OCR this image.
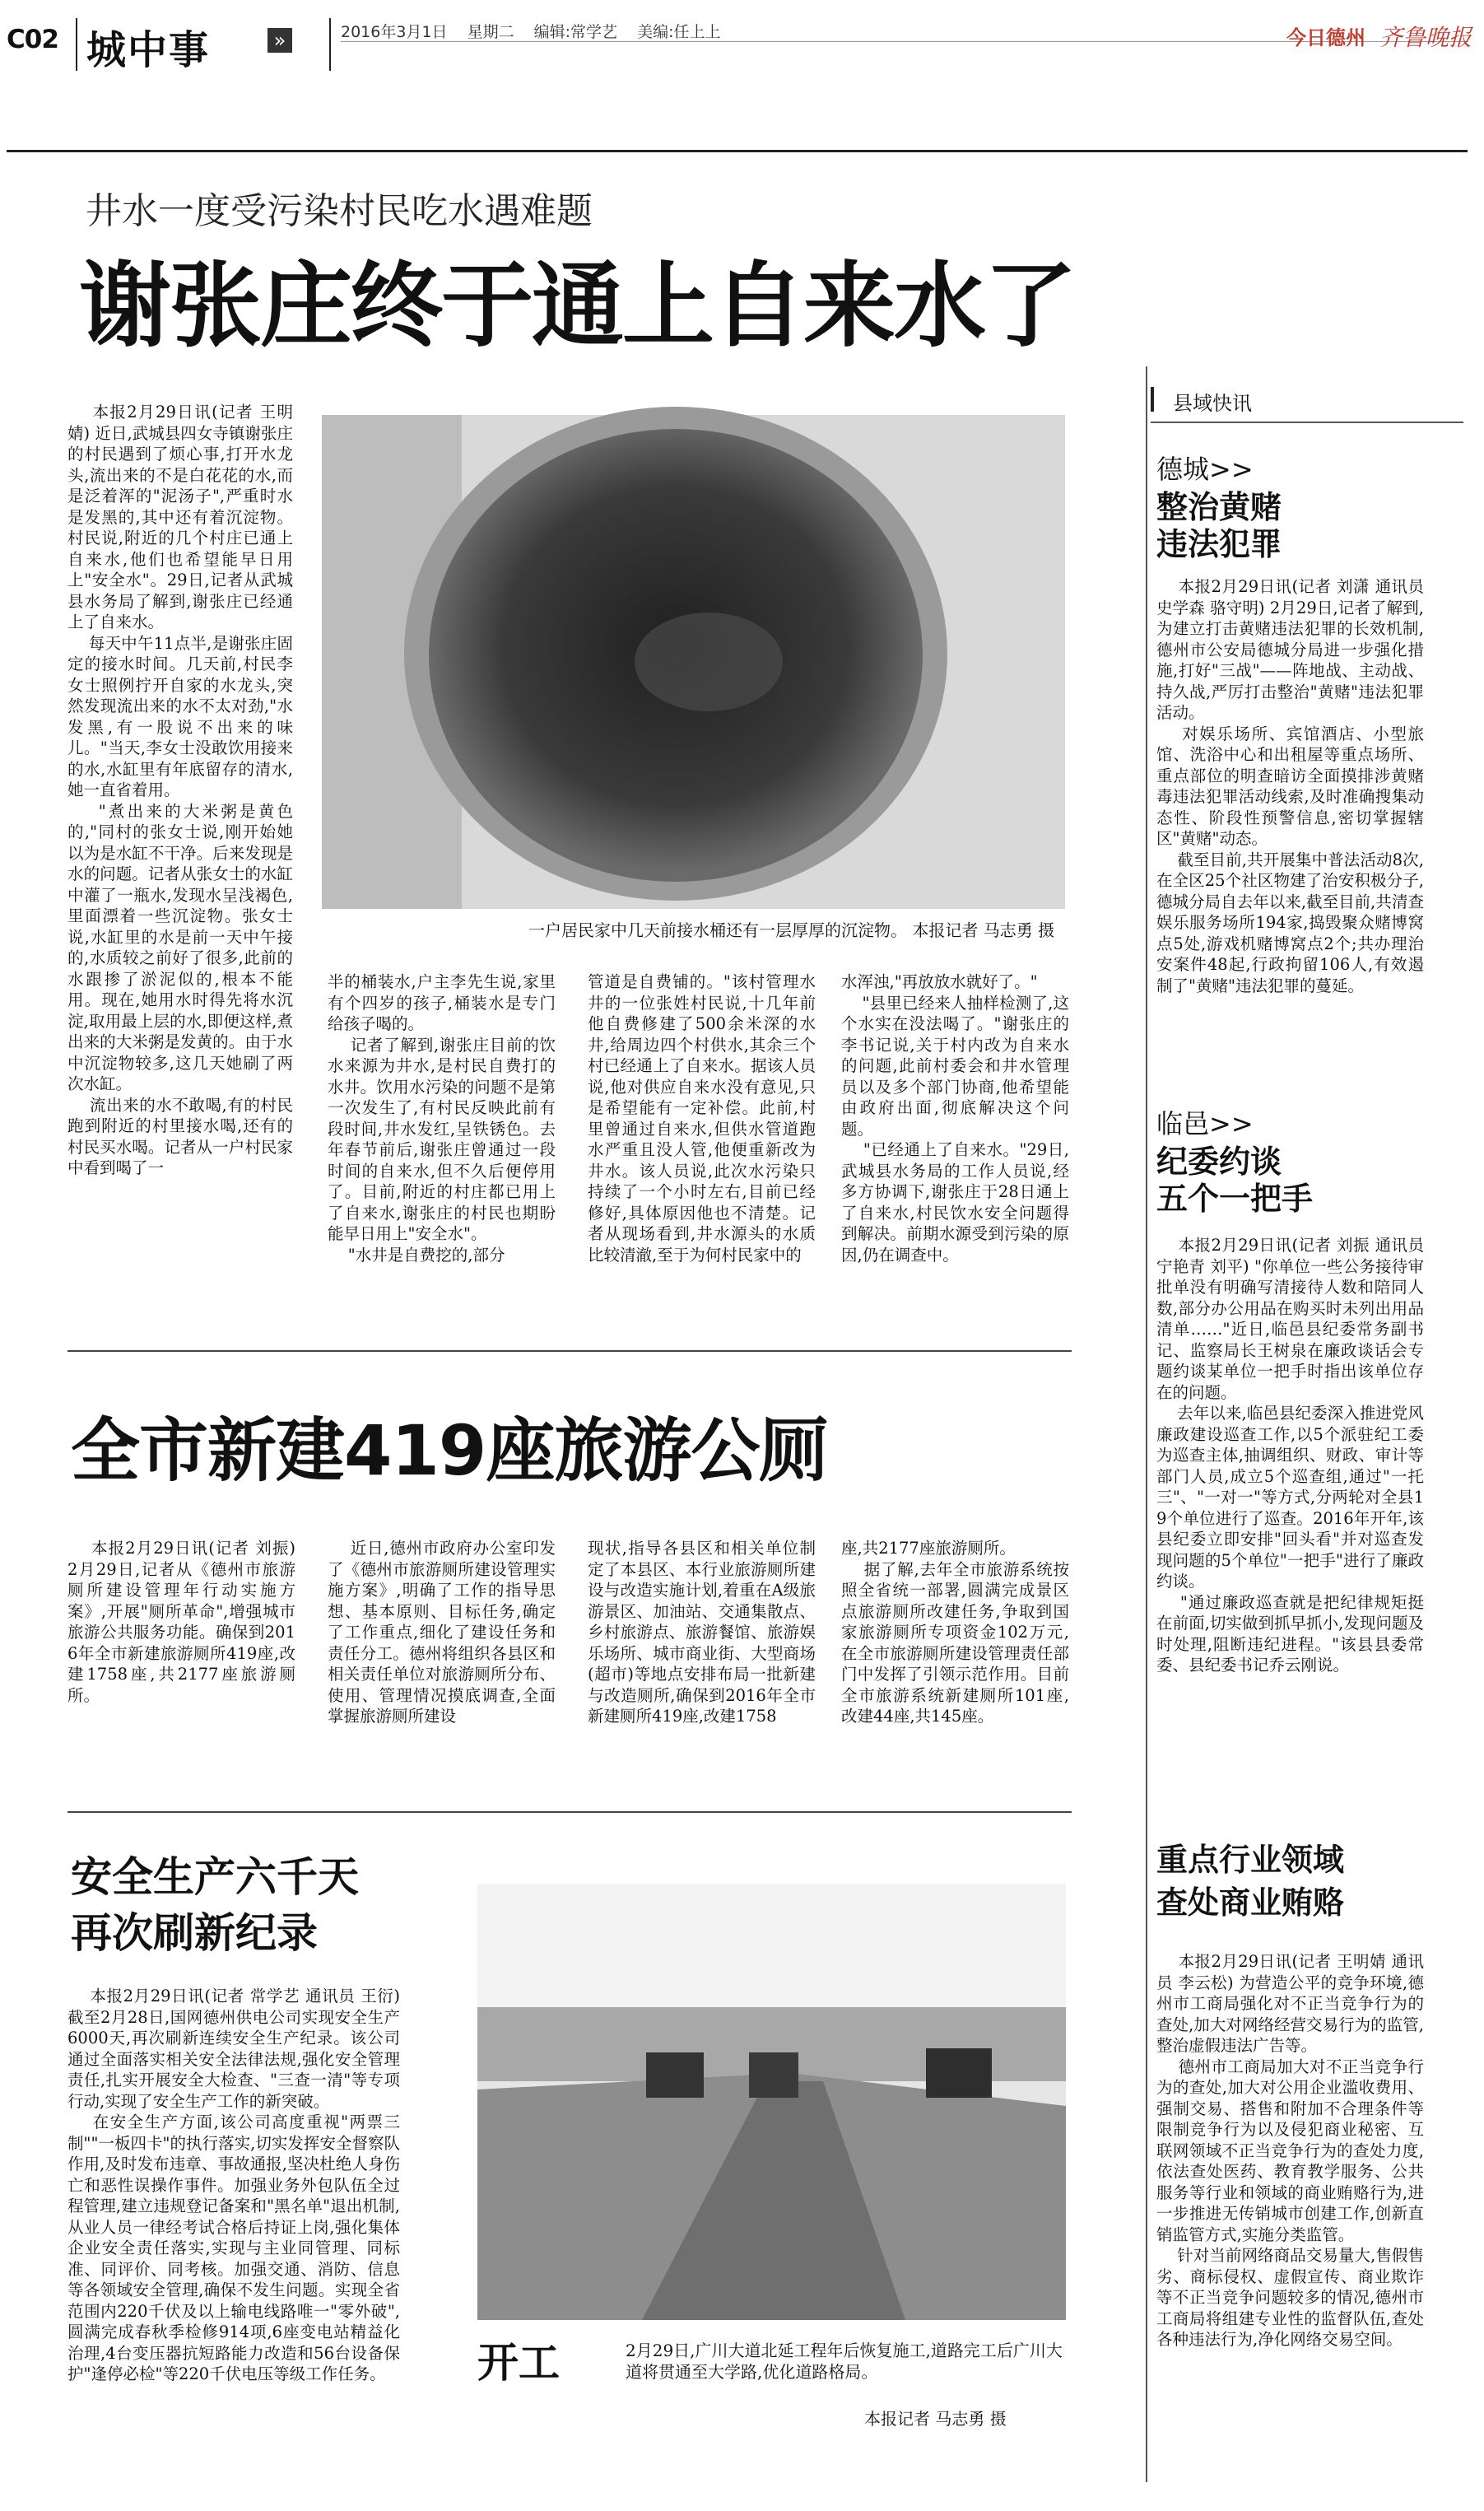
C02 城中事	»	2016年3月1日 星期二 编辑:常学艺 美编:任上上	今日德州 齐鲁晚报
井水一度受污染村民吃水遇难题
谢张庄终于通上自来水了
本报2月29日讯(记者 王明婧) 近日,武城县四女寺镇谢张庄的村民遇到了烦心事,打开水龙头,流出来的不是白花花的水,而是泛着浑的"泥汤子",严重时水是发黑的,其中还有着沉淀物。村民说,附近的几个村庄已通上自来水,他们也希望能早日用上"安全水"。29日,记者从武城县水务局了解到,谢张庄已经通上了自来水。
每天中午11点半,是谢张庄固定的接水时间。几天前,村民李女士照例拧开自家的水龙头,突然发现流出来的水不太对劲,"水发黑,有一股说不出来的味儿。"当天,李女士没敢饮用接来的水,水缸里有年底留存的清水,她一直省着用。
"煮出来的大米粥是黄色的,"同村的张女士说,刚开始她以为是水缸不干净。后来发现是水的问题。记者从张女士的水缸中灌了一瓶水,发现水呈浅褐色,里面漂着一些沉淀物。张女士说,水缸里的水是前一天中午接的,水质较之前好了很多,此前的水跟掺了淤泥似的,根本不能用。现在,她用水时得先将水沉淀,取用最上层的水,即便这样,煮出来的大米粥是发黄的。由于水中沉淀物较多,这几天她刷了两次水缸。
流出来的水不敢喝,有的村民跑到附近的村里接水喝,还有的村民买水喝。记者从一户村民家中看到喝了一
一户居民家中几天前接水桶还有一层厚厚的沉淀物。 本报记者 马志勇 摄
半的桶装水,户主李先生说,家里有个四岁的孩子,桶装水是专门给孩子喝的。
记者了解到,谢张庄目前的饮水来源为井水,是村民自费打的水井。饮用水污染的问题不是第一次发生了,有村民反映此前有段时间,井水发红,呈铁锈色。去年春节前后,谢张庄曾通过一段时间的自来水,但不久后便停用了。目前,附近的村庄都已用上了自来水,谢张庄的村民也期盼能早日用上"安全水"。
"水井是自费挖的,部分
管道是自费铺的。"该村管理水井的一位张姓村民说,十几年前他自费修建了500余米深的水井,给周边四个村供水,其余三个村已经通上了自来水。据该人员说,他对供应自来水没有意见,只是希望能有一定补偿。此前,村里曾通过自来水,但供水管道跑水严重且没人管,他便重新改为井水。该人员说,此次水污染只持续了一个小时左右,目前已经修好,具体原因他也不清楚。记者从现场看到,井水源头的水质比较清澈,至于为何村民家中的
水浑浊,"再放放水就好了。"
"县里已经来人抽样检测了,这个水实在没法喝了。"谢张庄的李书记说,关于村内改为自来水的问题,此前村委会和井水管理员以及多个部门协商,他希望能由政府出面,彻底解决这个问题。
"已经通上了自来水。"29日,武城县水务局的工作人员说,经多方协调下,谢张庄于28日通上了自来水,村民饮水安全问题得到解决。前期水源受到污染的原因,仍在调查中。
全市新建419座旅游公厕
本报2月29日讯(记者 刘振) 2月29日,记者从《德州市旅游厕所建设管理年行动实施方案》,开展"厕所革命",增强城市旅游公共服务功能。确保到2016年全市新建旅游厕所419座,改建1758座,共2177座旅游厕所。
近日,德州市政府办公室印发了《德州市旅游厕所建设管理实施方案》,明确了工作的指导思想、基本原则、目标任务,确定了工作重点,细化了建设任务和责任分工。德州将组织各县区和相关责任单位对旅游厕所分布、使用、管理情况摸底调查,全面掌握旅游厕所建设
现状,指导各县区和相关单位制定了本县区、本行业旅游厕所建设与改造实施计划,着重在A级旅游景区、加油站、交通集散点、乡村旅游点、旅游餐馆、旅游娱乐场所、城市商业街、大型商场(超市)等地点安排布局一批新建与改造厕所,确保到2016年全市新建厕所419座,改建1758
座,共2177座旅游厕所。
据了解,去年全市旅游系统按照全省统一部署,圆满完成景区点旅游厕所改建任务,争取到国家旅游厕所专项资金102万元,在全市旅游厕所建设管理责任部门中发挥了引领示范作用。目前全市旅游系统新建厕所101座,改建44座,共145座。
安全生产六千天
再次刷新纪录
本报2月29日讯(记者 常学艺 通讯员 王衍) 截至2月28日,国网德州供电公司实现安全生产6000天,再次刷新连续安全生产纪录。该公司通过全面落实相关安全法律法规,强化安全管理责任,扎实开展安全大检查、"三查一清"等专项行动,实现了安全生产工作的新突破。
在安全生产方面,该公司高度重视"两票三制""一板四卡"的执行落实,切实发挥安全督察队作用,及时发布违章、事故通报,坚决杜绝人身伤亡和恶性误操作事件。加强业务外包队伍全过程管理,建立违规登记备案和"黑名单"退出机制,从业人员一律经考试合格后持证上岗,强化集体企业安全责任落实,实现与主业同管理、同标准、同评价、同考核。加强交通、消防、信息等各领域安全管理,确保不发生问题。实现全省范围内220千伏及以上输电线路唯一"零外破",圆满完成春秋季检修914项,6座变电站精益化治理,4台变压器抗短路能力改造和56台设备保护"逢停必检"等220千伏电压等级工作任务。	开工	2月29日,广川大道北延工程年后恢复施工,道路完工后广川大道将贯通至大学路,优化道路格局。
本报记者 马志勇 摄
县域快讯
德城>>
整治黄赌
违法犯罪
本报2月29日讯(记者 刘潇 通讯员 史学森 骆守明) 2月29日,记者了解到,为建立打击黄赌违法犯罪的长效机制,德州市公安局德城分局进一步强化措施,打好"三战"——阵地战、主动战、持久战,严厉打击整治"黄赌"违法犯罪活动。
对娱乐场所、宾馆酒店、小型旅馆、洗浴中心和出租屋等重点场所、重点部位的明查暗访全面摸排涉黄赌毒违法犯罪活动线索,及时准确搜集动态性、阶段性预警信息,密切掌握辖区"黄赌"动态。
截至目前,共开展集中普法活动8次,在全区25个社区物建了治安积极分子,德城分局自去年以来,截至目前,共清查娱乐服务场所194家,捣毁聚众赌博窝点5处,游戏机赌博窝点2个;共办理治安案件48起,行政拘留106人,有效遏制了"黄赌"违法犯罪的蔓延。
临邑>>
纪委约谈
五个一把手
本报2月29日讯(记者 刘振 通讯员 宁艳青 刘平) "你单位一些公务接待审批单没有明确写清接待人数和陪同人数,部分办公用品在购买时未列出用品清单……"近日,临邑县纪委常务副书记、监察局长王树泉在廉政谈话会专题约谈某单位一把手时指出该单位存在的问题。
去年以来,临邑县纪委深入推进党风廉政建设巡查工作,以5个派驻纪工委为巡查主体,抽调组织、财政、审计等部门人员,成立5个巡查组,通过"一托三"、"一对一"等方式,分两轮对全县19个单位进行了巡查。2016年开年,该县纪委立即安排"回头看"并对巡查发现问题的5个单位"一把手"进行了廉政约谈。
"通过廉政巡查就是把纪律规矩挺在前面,切实做到抓早抓小,发现问题及时处理,阻断违纪进程。"该县县委常委、县纪委书记乔云刚说。
重点行业领域
查处商业贿赂
本报2月29日讯(记者 王明婧 通讯员 李云松) 为营造公平的竞争环境,德州市工商局强化对不正当竞争行为的查处,加大对网络经营交易行为的监管,整治虚假违法广告等。
德州市工商局加大对不正当竞争行为的查处,加大对公用企业滥收费用、强制交易、搭售和附加不合理条件等限制竞争行为以及侵犯商业秘密、互联网领域不正当竞争行为的查处力度,依法查处医药、教育教学服务、公共服务等行业和领域的商业贿赂行为,进一步推进无传销城市创建工作,创新直销监管方式,实施分类监管。
针对当前网络商品交易量大,售假售劣、商标侵权、虚假宣传、商业欺诈等不正当竞争问题较多的情况,德州市工商局将组建专业性的监督队伍,查处各种违法行为,净化网络交易空间。
